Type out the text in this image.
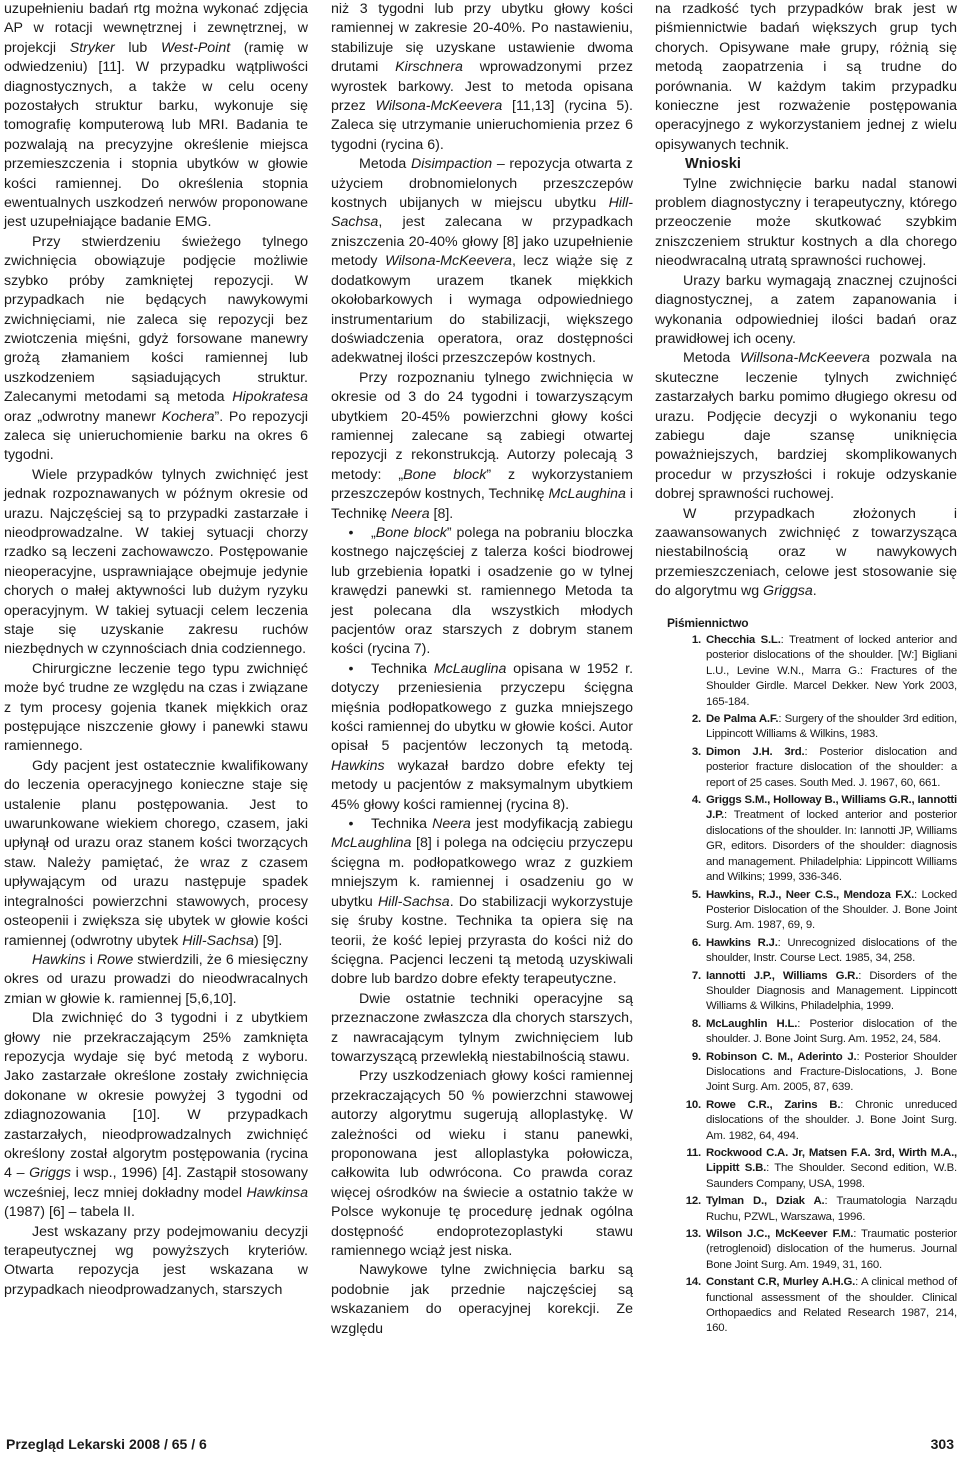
uzupełnieniu badań rtg można wykonać zdjęcia AP w rotacji wewnętrznej i zewnętrznej, w projekcji Stryker lub West-Point (ramię w odwiedzeniu) [11]. W przypadku wątpliwości diagnostycznych, a także w celu oceny pozostałych struktur barku, wykonuje się tomografię komputerową lub MRI. Badania te pozwalają na precyzyjne określenie miejsca przemieszczenia i stopnia ubytków w głowie kości ramiennej. Do określenia stopnia ewentualnych uszkodzeń nerwów proponowane jest uzupełniające badanie EMG.

Przy stwierdzeniu świeżego tylnego zwichnięcia obowiązuje podjęcie możliwie szybko próby zamkniętej repozycji. W przypadkach nie będących nawykowymi zwichnięciami, nie zaleca się repozycji bez zwiotczenia mięśni, gdyż forsowane manewry grożą złamaniem kości ramiennej lub uszkodzeniem sąsiadujących struktur. Zalecanymi metodami są metoda Hipokratesa oraz „odwrotny manewr Kochera”. Po repozycji zaleca się unieruchomienie barku na okres 6 tygodni.

Wiele przypadków tylnych zwichnięć jest jednak rozpoznawanych w późnym okresie od urazu. Najczęściej są to przypadki zastarzałe i nieodprowadzalne. W takiej sytuacji chorzy rzadko są leczeni zachowawczo. Postępowanie nieoperacyjne, usprawniające obejmuje jedynie chorych o małej aktywności lub dużym ryzyku operacyjnym. W takiej sytuacji celem leczenia staje się uzyskanie zakresu ruchów niezbędnych w czynnościach dnia codziennego.

Chirurgiczne leczenie tego typu zwichnięć może być trudne ze względu na czas i związane z tym procesy gojenia tkanek miękkich oraz postępujące niszczenie głowy i panewki stawu ramiennego.

Gdy pacjent jest ostatecznie kwalifikowany do leczenia operacyjnego konieczne staje się ustalenie planu postępowania. Jest to uwarunkowane wiekiem chorego, czasem, jaki upłynął od urazu oraz stanem kości tworzących staw. Należy pamiętać, że wraz z czasem upływającym od urazu następuje spadek integralności powierzchni stawowych, procesy osteopenii i zwiększa się ubytek w głowie kości ramiennej (odwrotny ubytek Hill-Sachsa) [9].

Hawkins i Rowe stwierdzili, że 6 miesięczny okres od urazu prowadzi do nieodwracalnych zmian w głowie k. ramiennej [5,6,10].

Dla zwichnięć do 3 tygodni i z ubytkiem głowy nie przekraczającym 25% zamknięta repozycja wydaje się być metodą z wyboru. Jako zastarzałe określone zostały zwichnięcia dokonane w okresie powyżej 3 tygodni od zdiagnozowania [10]. W przypadkach zastarzałych, nieodprowadzalnych zwichnięć określony został algorytm postępowania (rycina 4 – Griggs i wsp., 1996) [4]. Zastąpił stosowany wcześniej, lecz mniej dokładny model Hawkinsa (1987) [6] – tabela II.

Jest wskazany przy podejmowaniu decyzji terapeutycznej wg powyższych kryteriów. Otwarta repozycja jest wskazana w przypadkach nieodprowadzanych, starszych

niż 3 tygodni lub przy ubytku głowy kości ramiennej w zakresie 20-40%. Po nastawieniu, stabilizuje się uzyskane ustawienie dwoma drutami Kirschnera wprowadzonymi przez wyrostek barkowy. Jest to metoda opisana przez Wilsona-McKeevera [11,13] (rycina 5). Zaleca się utrzymanie unieruchomienia przez 6 tygodni (rycina 6).

Metoda Disimpaction – repozycja otwarta z użyciem drobnomielonych przeszczepów kostnych ubijanych w miejscu ubytku Hill-Sachsa, jest zalecana w przypadkach zniszczenia 20-40% głowy [8] jako uzupełnienie metody Wilsona-McKeevera, lecz wiąże się z dodatkowym urazem tkanek miękkich okołobarkowych i wymaga odpowiedniego instrumentarium do stabilizacji, większego doświadczenia operatora, oraz dostępności adekwatnej ilości przeszczepów kostnych.

Przy rozpoznaniu tylnego zwichnięcia w okresie od 3 do 24 tygodni i towarzyszącym ubytkiem 20-45% powierzchni głowy kości ramiennej zalecane są zabiegi otwartej repozycji z rekonstrukcją. Autorzy polecają 3 metody: „Bone block” z wykorzystaniem przeszczepów kostnych, Technikę McLaughina i Technikę Neera [8].

• „Bone block” polega na pobraniu bloczka kostnego najczęściej z talerza kości biodrowej lub grzebienia łopatki i osadzenie go w tylnej krawędzi panewki st. ramiennego Metoda ta jest polecana dla wszystkich młodych pacjentów oraz starszych z dobrym stanem kości (rycina 7).

• Technika McLauglina opisana w 1952 r. dotyczy przeniesienia przyczepu ścięgna mięśnia podłopatkowego z guzka mniejszego kości ramiennej do ubytku w głowie kości. Autor opisał 5 pacjentów leczonych tą metodą. Hawkins wykazał bardzo dobre efekty tej metody u pacjentów z maksymalnym ubytkiem 45% głowy kości ramiennej (rycina 8).

• Technika Neera jest modyfikacją zabiegu McLaughlina [8] i polega na odcięciu przyczepu ścięgna m. podłopatkowego wraz z guzkiem mniejszym k. ramiennej i osadzeniu go w ubytku Hill-Sachsa. Do stabilizacji wykorzystuje się śruby kostne. Technika ta opiera się na teorii, że kość lepiej przyrasta do kości niż do ścięgna. Pacjenci leczeni tą metodą uzyskiwali dobre lub bardzo dobre efekty terapeutyczne.

Dwie ostatnie techniki operacyjne są przeznaczone zwłaszcza dla chorych starszych, z nawracającym tylnym zwichnięciem lub towarzyszącą przewlekłą niestabilnością stawu.

Przy uszkodzeniach głowy kości ramiennej przekraczających 50 % powierzchni stawowej autorzy algorytmu sugerują alloplastykę. W zależności od wieku i stanu panewki, proponowana jest alloplastyka połowicza, całkowita lub odwrócona. Co prawda coraz więcej ośrodków na świecie a ostatnio także w Polsce wykonuje tę procedurę jednak ogólna dostępność endoprotezoplastyki stawu ramiennego wciąż jest niska.

Nawykowe tylne zwichnięcia barku są podobnie jak przednie najczęściej są wskazaniem do operacyjnej korekcji. Ze względu

na rzadkość tych przypadków brak jest w piśmiennictwie badań większych grup tych chorych. Opisywane małe grupy, różnią się metodą zaopatrzenia i są trudne do porównania. W każdym takim przypadku konieczne jest rozważenie postępowania operacyjnego z wykorzystaniem jednej z wielu opisywanych technik.

Wnioski

Tylne zwichnięcie barku nadal stanowi problem diagnostyczny i terapeutyczny, którego przeoczenie może skutkować szybkim zniszczeniem struktur kostnych a dla chorego nieodwracalną utratą sprawności ruchowej.

Urazy barku wymagają znacznej czujności diagnostycznej, a zatem zapanowania i wykonania odpowiedniej ilości badań oraz prawidłowej ich oceny.

Metoda Willsona-McKeevera pozwala na skuteczne leczenie tylnych zwichnięć zastarzałych barku pomimo długiego okresu od urazu. Podjęcie decyzji o wykonaniu tego zabiegu daje szansę uniknięcia poważniejszych, bardziej skomplikowanych procedur w przyszłości i rokuje odzyskanie dobrej sprawności ruchowej.

W przypadkach złożonych i zaawansowanych zwichnięć z towarzysząca niestabilnością oraz w nawykowych przemieszczeniach, celowe jest stosowanie się do algorytmu wg Griggsa.

Piśmiennictwo
1. Checchia S.L.: Treatment of locked anterior and posterior dislocations of the shoulder. [W:] Bigliani L.U., Levine W.N., Marra G.: Fractures of the Shoulder Girdle. Marcel Dekker. New York 2003, 165-184.
2. De Palma A.F.: Surgery of the shoulder 3rd edition, Lippincott Williams & Wilkins, 1983.
3. Dimon J.H. 3rd.: Posterior dislocation and posterior fracture dislocation of the shoulder: a report of 25 cases. South Med. J. 1967, 60, 661.
4. Griggs S.M., Holloway B., Williams G.R., Iannotti J.P.: Treatment of locked anterior and posterior dislocations of the shoulder. In: Iannotti JP, Williams GR, editors. Disorders of the shoulder: diagnosis and management. Philadelphia: Lippincott Williams and Wilkins; 1999, 336-346.
5. Hawkins, R.J., Neer C.S., Mendoza F.X.: Locked Posterior Dislocation of the Shoulder. J. Bone Joint Surg. Am. 1987, 69, 9.
6. Hawkins R.J.: Unrecognized dislocations of the shoulder, Instr. Course Lect. 1985, 34, 258.
7. Iannotti J.P., Williams G.R.: Disorders of the Shoulder Diagnosis and Management. Lippincott Williams & Wilkins, Philadelphia, 1999.
8. McLaughlin H.L.: Posterior dislocation of the shoulder. J. Bone Joint Surg. Am. 1952, 24, 584.
9. Robinson C. M., Aderinto J.: Posterior Shoulder Dislocations and Fracture-Dislocations, J. Bone Joint Surg. Am. 2005, 87, 639.
10. Rowe C.R., Zarins B.: Chronic unreduced dislocations of the shoulder. J. Bone Joint Surg. Am. 1982, 64, 494.
11. Rockwood C.A. Jr, Matsen F.A. 3rd, Wirth M.A., Lippitt S.B.: The Shoulder. Second edition, W.B. Saunders Company, USA, 1998.
12. Tylman D., Dziak A.: Traumatologia Narządu Ruchu, PZWL, Warszawa, 1996.
13. Wilson J.C., McKeever F.M.: Traumatic posterior (retroglenoid) dislocation of the humerus. Journal Bone Joint Surg. Am. 1949, 31, 160.
14. Constant C.R, Murley A.H.G.: A clinical method of functional assessment of the shoulder. Clinical Orthopaedics and Related Research 1987, 214, 160.
Przegląd Lekarski 2008 / 65 / 6	303
